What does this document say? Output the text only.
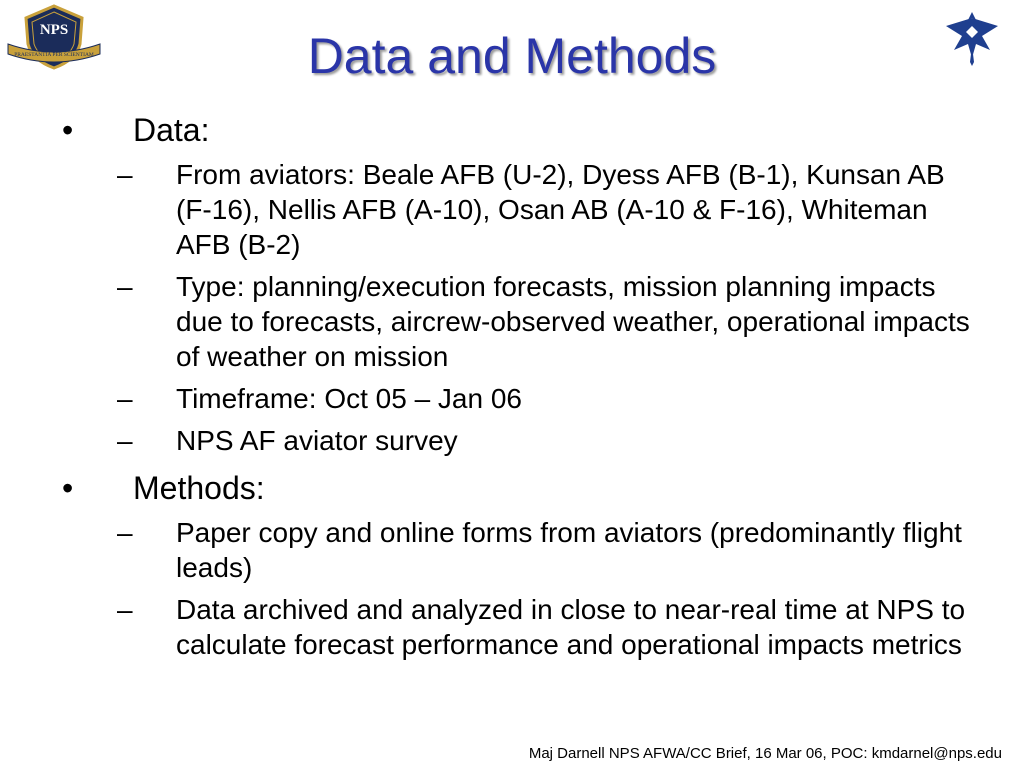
NPS
PRAESTANTIA PER SCIENTIAM	Data and Methods
• Data:
– From aviators: Beale AFB (U-2), Dyess AFB (B-1), Kunsan AB (F-16), Nellis AFB (A-10), Osan AB (A-10 & F-16), Whiteman AFB (B-2)
– Type: planning/execution forecasts, mission planning impacts due to forecasts, aircrew-observed weather, operational impacts of weather on mission
– Timeframe: Oct 05 – Jan 06
– NPS AF aviator survey
• Methods:
– Paper copy and online forms from aviators (predominantly flight leads)
– Data archived and analyzed in close to near-real time at NPS to calculate forecast performance and operational impacts metrics
Maj Darnell NPS AFWA/CC Brief, 16 Mar 06, POC: kmdarnel@nps.edu
